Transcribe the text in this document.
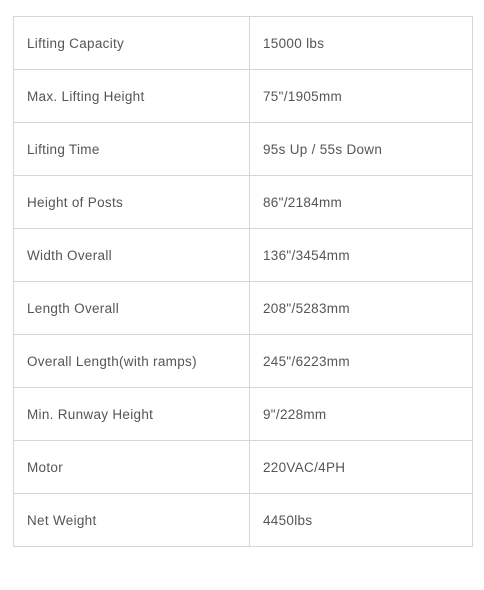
Lifting Capacity	15000 lbs
Max. Lifting Height	75"/1905mm
Lifting Time	95s Up / 55s Down
Height of Posts	86"/2184mm
Width Overall	136"/3454mm
Length Overall	208"/5283mm
Overall Length(with ramps)	245"/6223mm
Min. Runway Height	9"/228mm
Motor	220VAC/4PH
Net Weight	4450lbs
